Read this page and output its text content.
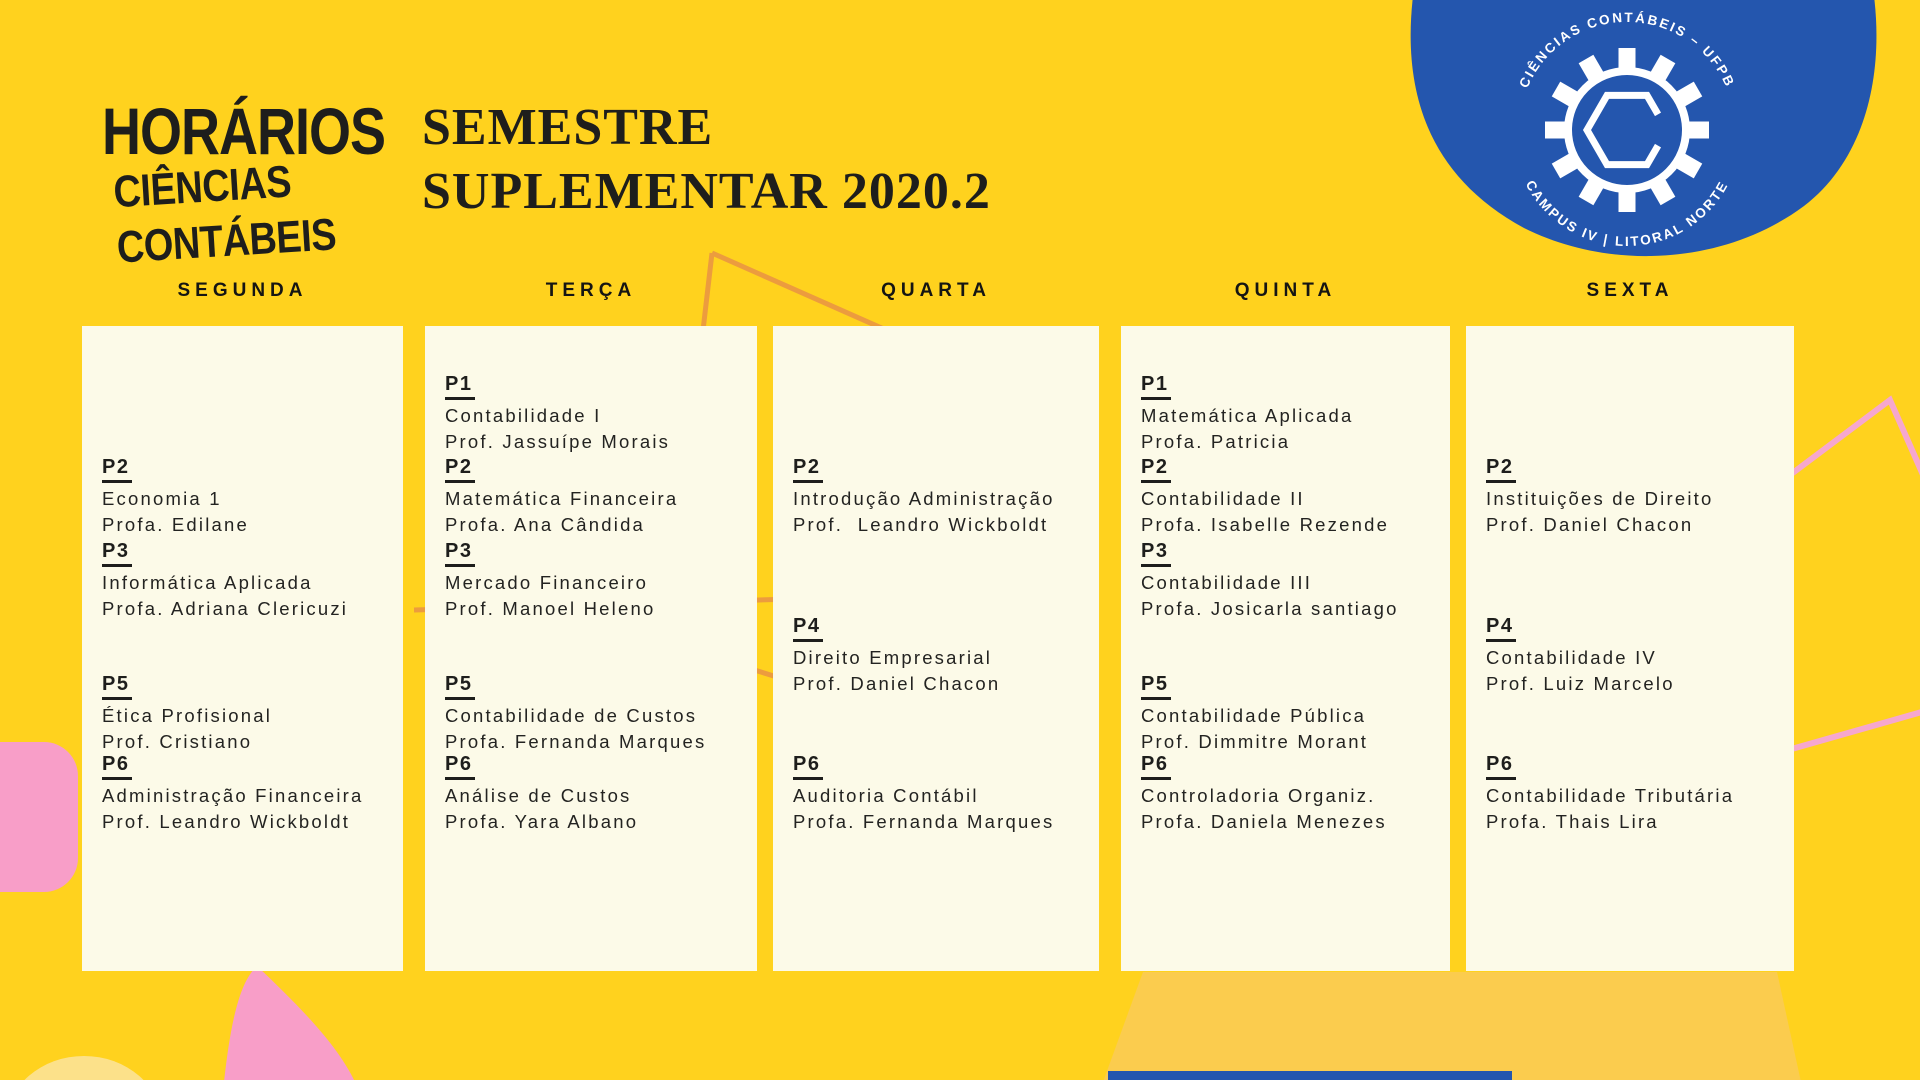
CIÊNCIAS CONTÁBEIS – UFPB
CAMPUS IV | LITORAL NORTE
HORÁRIOS
CIÊNCIAS
CONTÁBEIS
SEMESTRE
SUPLEMENTAR 2020.2
SEGUNDA
P2
Economia 1
Profa. Edilane
P3
Informática Aplicada
Profa. Adriana Clericuzi
P5
Ética Profisional
Prof. Cristiano
P6
Administração Financeira
Prof. Leandro Wickboldt
TERÇA
P1
Contabilidade I
Prof. Jassuípe Morais
P2
Matemática Financeira
Profa. Ana Cândida
P3
Mercado Financeiro
Prof. Manoel Heleno
P5
Contabilidade de Custos
Profa. Fernanda Marques
P6
Análise de Custos
Profa. Yara Albano
QUARTA
P2
Introdução Administração
Prof.  Leandro Wickboldt
P4
Direito Empresarial
Prof. Daniel Chacon
P6
Auditoria Contábil
Profa. Fernanda Marques
QUINTA
P1
Matemática Aplicada
Profa. Patricia
P2
Contabilidade II
Profa. Isabelle Rezende
P3
Contabilidade III
Profa. Josicarla santiago
P5
Contabilidade Pública
Prof. Dimmitre Morant
P6
Controladoria Organiz.
Profa. Daniela Menezes
SEXTA
P2
Instituições de Direito
Prof. Daniel Chacon
P4
Contabilidade IV
Prof. Luiz Marcelo
P6
Contabilidade Tributária
Profa. Thais Lira
